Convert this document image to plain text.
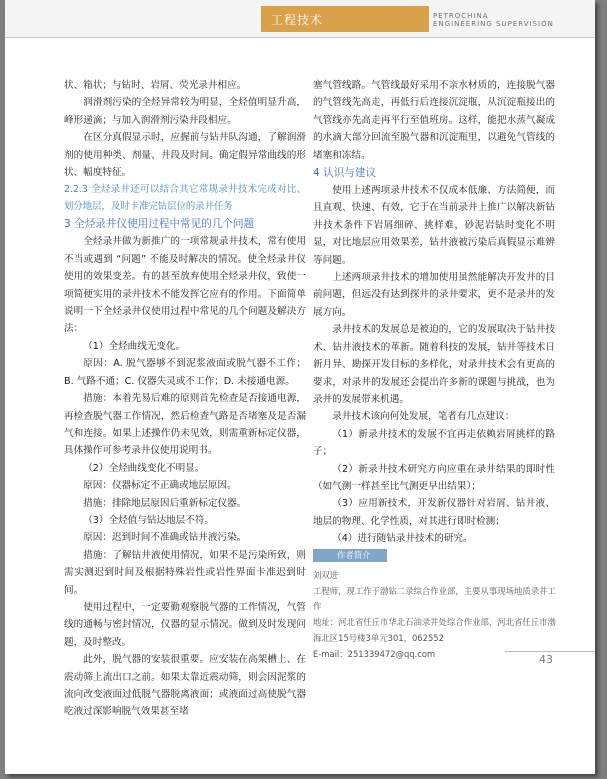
工程技术	PETROCHINA
ENGINEERING SUPERVISION

状、箱状；与钻时、岩屑、荧光录井相应。

润滑剂污染的全烃异常较为明显，全烃值明显升高，峰形递滴；与加入润滑剂污染井段相应。

在区分真假显示时，应握前与钻井队沟通，了解润滑剂的使用种类、剂量、井段及时间。确定假异常曲线的形状、幅度特征。

2.2.3 全烃录井还可以结合其它常规录井技术完成对比、划分地层，及时卡准完钻层位的录井任务

3 全烃录井仪使用过程中常见的几个问题

全烃录井做为新推广的一项常规录井技术，常有使用不当或遇到 “问题” 不能及时解决的情况。使全烃录井仪使用的效果变差。有的甚至放弃使用全烃录井仪，致使一项简便实用的录井技术不能发挥它应有的作用。下面简单说明一下全烃录井仪使用过程中常见的几个问题及解决方法：

（1）全烃曲线无变化。

原因：A. 脱气器够不到泥浆液面或脱气器不工作；B. 气路不通；C. 仪器失灵或不工作；D. 未接通电源。

措施：本着先易后难的原则首先检查是否接通电源，再检查脱气器工作情况，然后检查气路是否堵塞及是否漏气和连接。如果上述操作仍未见效，则需重新标定仪器，具体操作可参考录井仪使用说明书。

（2）全烃曲线变化不明显。

原因：仪器标定不正确或地层原因。

措施：排除地层原因后重新标定仪器。

（3）全烃值与钻达地层不符。

原因：迟到时间不准确或钻井液污染。

措施：了解钻井液使用情况，如果不是污染所致，则需实测迟到时间及根据特殊岩性或岩性界面卡准迟到时间。

使用过程中，一定要勤观察脱气器的工作情况，气管线的通畅与密封情况，仪器的显示情况。做到及时发现问题，及时整改。

此外，脱气器的安装很重要。应安装在高架槽上、在震动筛上流出口之前。如果太靠近震动筛，则会因泥浆的流向改变液面过低脱气器脱离液面；或液面过高使脱气器吃液过深影响脱气效果甚至堵

塞气管线路。气管线最好采用不亲水材质的，连接脱气器的气管线先高走，再低行后连接沉淀瓶，从沉淀瓶接出的气管线亦先高走再平行至值班房。这样，能把水蒸气凝成的水滴大部分回流至脱气器和沉淀瓶里，以避免气管线的堵塞和冻结。

4 认识与建议

使用上述两项录井技术不仅成本低廉、方法简便，而且直观、快速、有效，它于在当前录井上推广以解决新钻井技术条件下岩屑细碎、挑样难，砂泥岩钻时变化不明显，对比地层应用效果差，钻井液被污染后真假显示难辨等问题。

上述两项录井技术的增加使用虽然能解决开发井的目前问题，但远没有达到探井的录井要求，更不是录井的发展方向。

录井技术的发展总是被迫的，它的发展取决于钻井技术、钻井液技术的革新。随着科技的发展，钻井等技术日新月异、勘探开发目标的多样化，对录井技术会有更高的要求，对录井的发展还会提出许多新的课题与挑战，也为录井的发展带来机遇。

录井技术该向何处发展，笔者有几点建议：

（1）新录井技术的发展不宜再走依赖岩屑挑样的路子；

（2）新录井技术研究方向应重在录井结果的即时性（如气测一样甚至比气测更早出结果）；

（3）应用新技术，开发新仪器针对岩屑、钻井液、地层的物理、化学性质，对其进行即时检测；

（4）进行随钻录井技术的研究。

作者简介

刘双进

工程师，现工作于渤钻二录综合作业部，主要从事现场地质录井工作

地址：河北省任丘市华北石油录井处综合作业部，河北省任丘市渤海北区15号楼3单元301，062552

E-mail：251339472@qq.com	43
